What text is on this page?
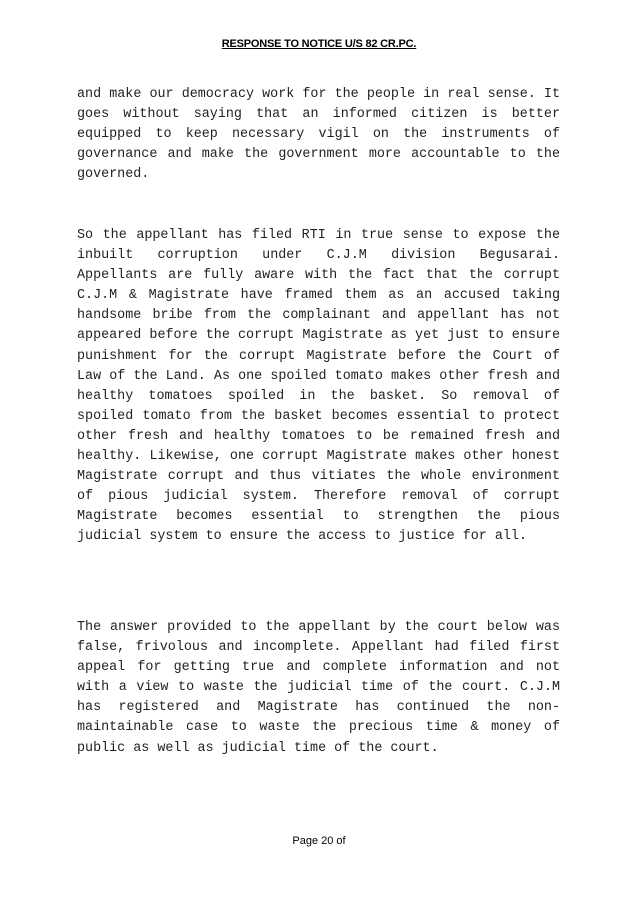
RESPONSE TO NOTICE U/S 82 CR.PC.

and make our democracy work for the people in real sense. It goes without saying that an informed citizen is better equipped to keep necessary vigil on the instruments of governance and make the government more accountable to the governed.

So the appellant has filed RTI in true sense to expose the inbuilt corruption under C.J.M division Begusarai. Appellants are fully aware with the fact that the corrupt C.J.M & Magistrate have framed them as an accused taking handsome bribe from the complainant and appellant has not appeared before the corrupt Magistrate as yet just to ensure punishment for the corrupt Magistrate before the Court of Law of the Land. As one spoiled tomato makes other fresh and healthy tomatoes spoiled in the basket. So removal of spoiled tomato from the basket becomes essential to protect other fresh and healthy tomatoes to be remained fresh and healthy. Likewise, one corrupt Magistrate makes other honest Magistrate corrupt and thus vitiates the whole environment of pious judicial system. Therefore removal of corrupt Magistrate becomes essential to strengthen the pious judicial system to ensure the access to justice for all.

The answer provided to the appellant by the court below was false, frivolous and incomplete. Appellant had filed first appeal for getting true and complete information and not with a view to waste the judicial time of the court. C.J.M has registered and Magistrate has continued the non-maintainable case to waste the precious time & money of public as well as judicial time of the court.

Page 20 of
